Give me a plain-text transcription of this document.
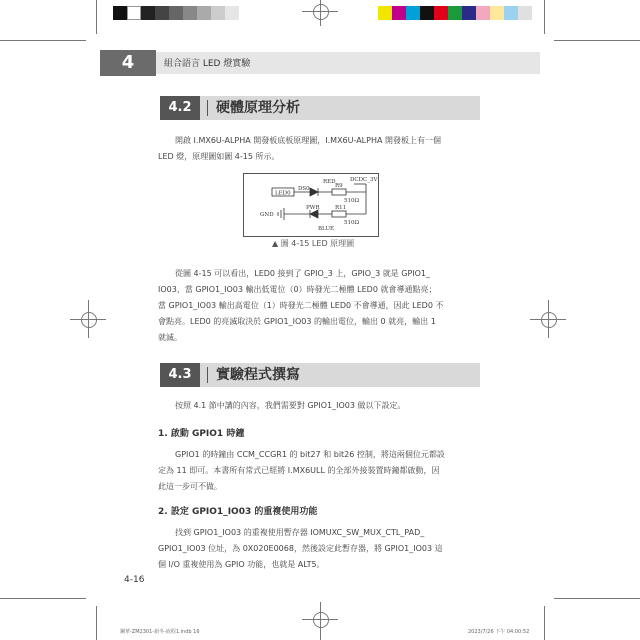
4	組合語言 LED 燈實驗
4.2	硬體原理分析
開啟 I.MX6U-ALPHA 開發板底板原理圖，I.MX6U-ALPHA 開發板上有一個
LED 燈，原理圖如圖 4-15 所示。
RED	DCDC_3V3
LED0
DS0	R9
510Ω
GND
PWR	R11
510Ω
BLUE
▲ 圖 4-15 LED 原理圖
從圖 4-15 可以看出，LED0 接到了 GPIO_3 上，GPIO_3 就是 GPIO1_
IO03，當 GPIO1_IO03 輸出低電位（0）時發光二極體 LED0 就會導通點亮；
當 GPIO1_IO03 輸出高電位（1）時發光二極體 LED0 不會導通，因此 LED0 不
會點亮。LED0 的亮滅取決於 GPIO1_IO03 的輸出電位，輸出 0 就亮，輸出 1
就滅。
4.3	實驗程式撰寫
按照 4.1 節中講的內容，我們需要對 GPIO1_IO03 做以下設定。
1. 啟動 GPIO1 時鐘
GPIO1 的時鐘由 CCM_CCGR1 的 bit27 和 bit26 控制，將這兩個位元都設
定為 11 即可。本書所有常式已經將 I.MX6ULL 的全部外接裝置時鐘都啟動，因
此這一步可不做。
2. 設定 GPIO1_IO03 的重複使用功能
找到 GPIO1_IO03 的重複使用暫存器 IOMUXC_SW_MUX_CTL_PAD_
GPIO1_IO03 位址，為 0X020E0068，然後設定此暫存器，將 GPIO1_IO03 這
個 I/O 重複使用為 GPIO 功能，也就是 ALT5。
4-16
鋼華-ZM2301-新冬-嵌程1.indb 16	2023/7/26 下午 04:00:52
